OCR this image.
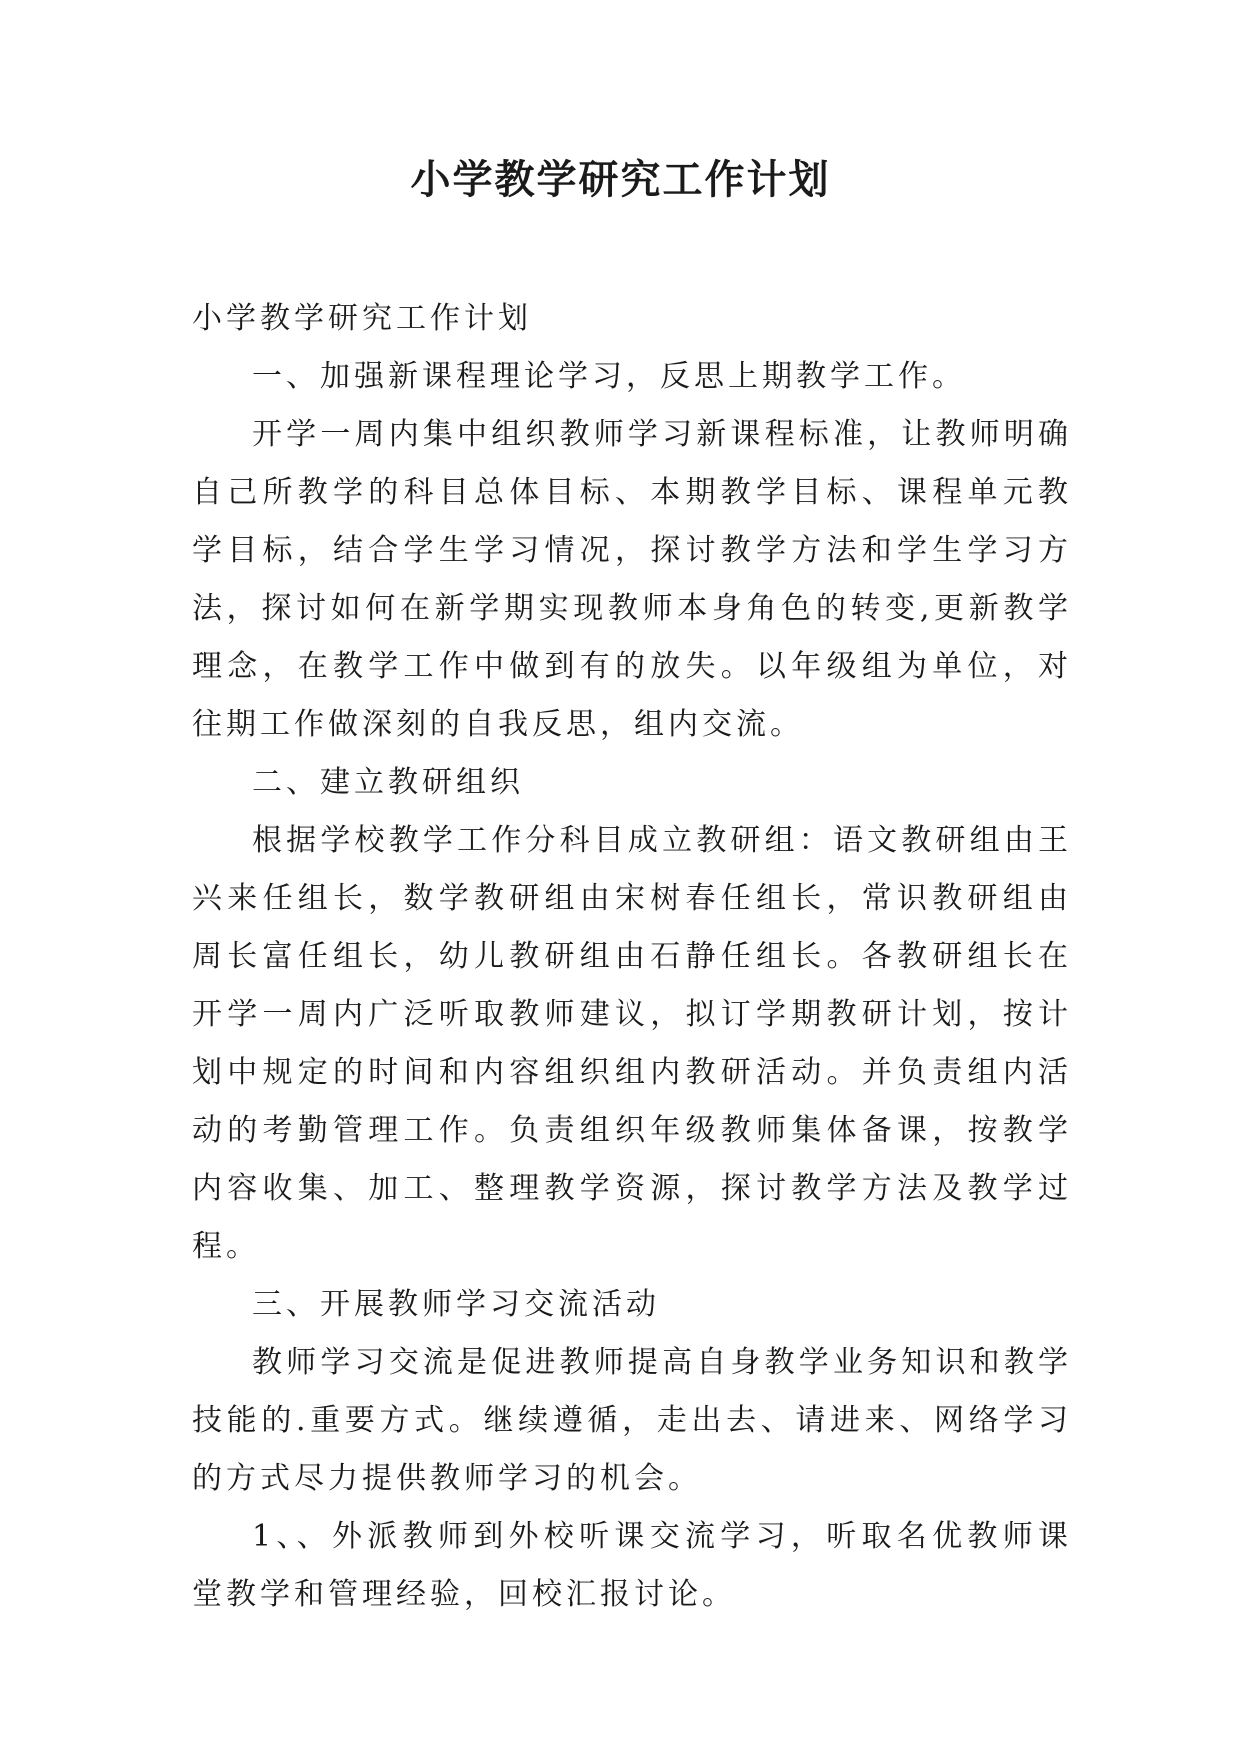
小学教学研究工作计划

小学教学研究工作计划

一、加强新课程理论学习，反思上期教学工作。

开学一周内集中组织教师学习新课程标准，让教师明确自己所教学的科目总体目标、本期教学目标、课程单元教学目标，结合学生学习情况，探讨教学方法和学生学习方法，探讨如何在新学期实现教师本身角色的转变,更新教学理念，在教学工作中做到有的放失。以年级组为单位，对往期工作做深刻的自我反思，组内交流。

二、建立教研组织

根据学校教学工作分科目成立教研组：语文教研组由王兴来任组长，数学教研组由宋树春任组长，常识教研组由周长富任组长，幼儿教研组由石静任组长。各教研组长在开学一周内广泛听取教师建议，拟订学期教研计划，按计划中规定的时间和内容组织组内教研活动。并负责组内活动的考勤管理工作。负责组织年级教师集体备课，按教学内容收集、加工、整理教学资源，探讨教学方法及教学过程。

三、开展教师学习交流活动

教师学习交流是促进教师提高自身教学业务知识和教学技能的.重要方式。继续遵循，走出去、请进来、网络学习的方式尽力提供教师学习的机会。

1、、外派教师到外校听课交流学习，听取名优教师课堂教学和管理经验，回校汇报讨论。
